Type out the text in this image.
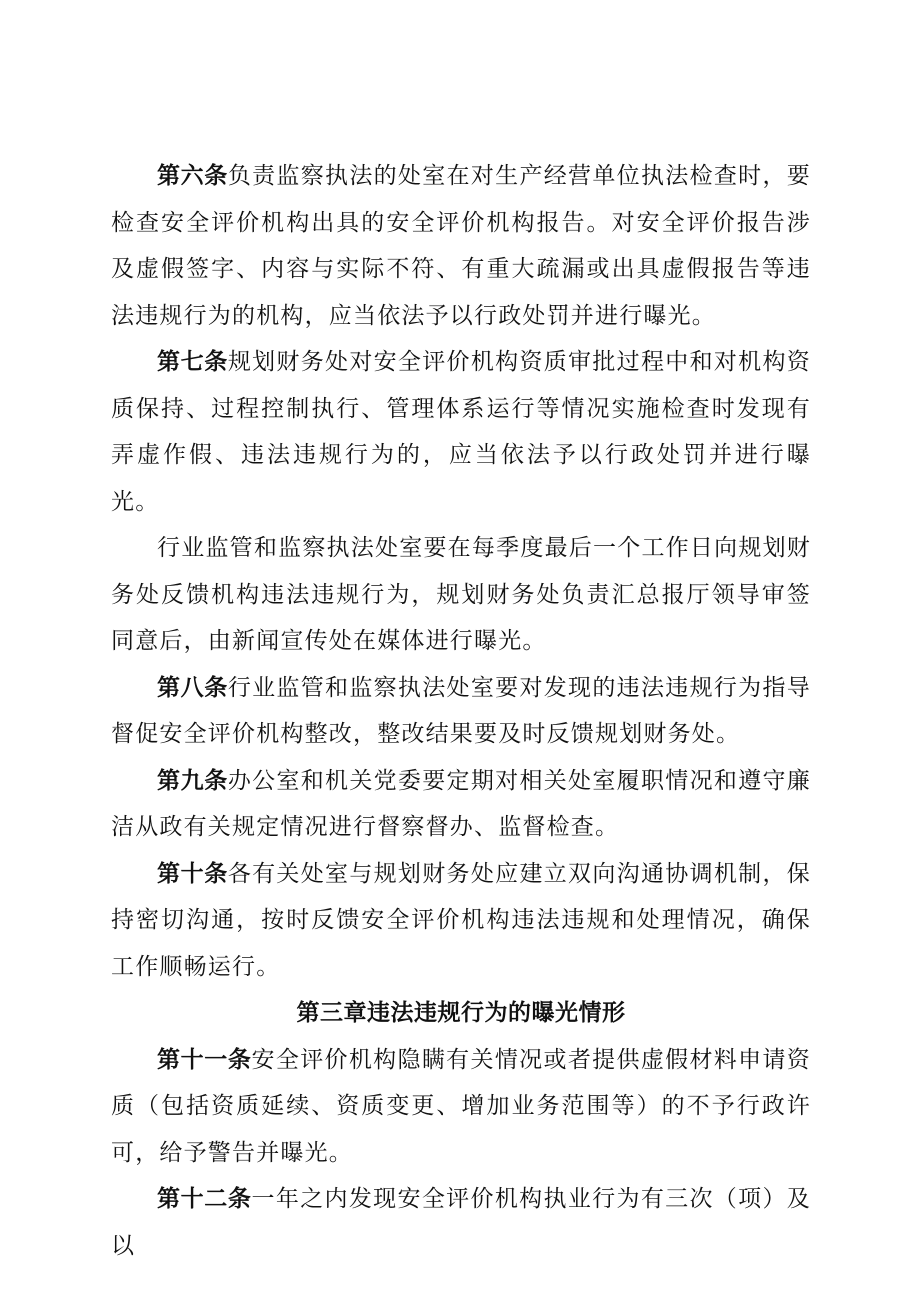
第六条负责监察执法的处室在对生产经营单位执法检查时，要检查安全评价机构出具的安全评价机构报告。对安全评价报告涉及虚假签字、内容与实际不符、有重大疏漏或出具虚假报告等违法违规行为的机构，应当依法予以行政处罚并进行曝光。

第七条规划财务处对安全评价机构资质审批过程中和对机构资质保持、过程控制执行、管理体系运行等情况实施检查时发现有弄虚作假、违法违规行为的，应当依法予以行政处罚并进行曝光。

行业监管和监察执法处室要在每季度最后一个工作日向规划财务处反馈机构违法违规行为，规划财务处负责汇总报厅领导审签同意后，由新闻宣传处在媒体进行曝光。

第八条行业监管和监察执法处室要对发现的违法违规行为指导督促安全评价机构整改，整改结果要及时反馈规划财务处。

第九条办公室和机关党委要定期对相关处室履职情况和遵守廉洁从政有关规定情况进行督察督办、监督检查。

第十条各有关处室与规划财务处应建立双向沟通协调机制，保持密切沟通，按时反馈安全评价机构违法违规和处理情况，确保工作顺畅运行。

第三章违法违规行为的曝光情形

第十一条安全评价机构隐瞒有关情况或者提供虚假材料申请资质（包括资质延续、资质变更、增加业务范围等）的不予行政许可，给予警告并曝光。

第十二条一年之内发现安全评价机构执业行为有三次（项）及以
